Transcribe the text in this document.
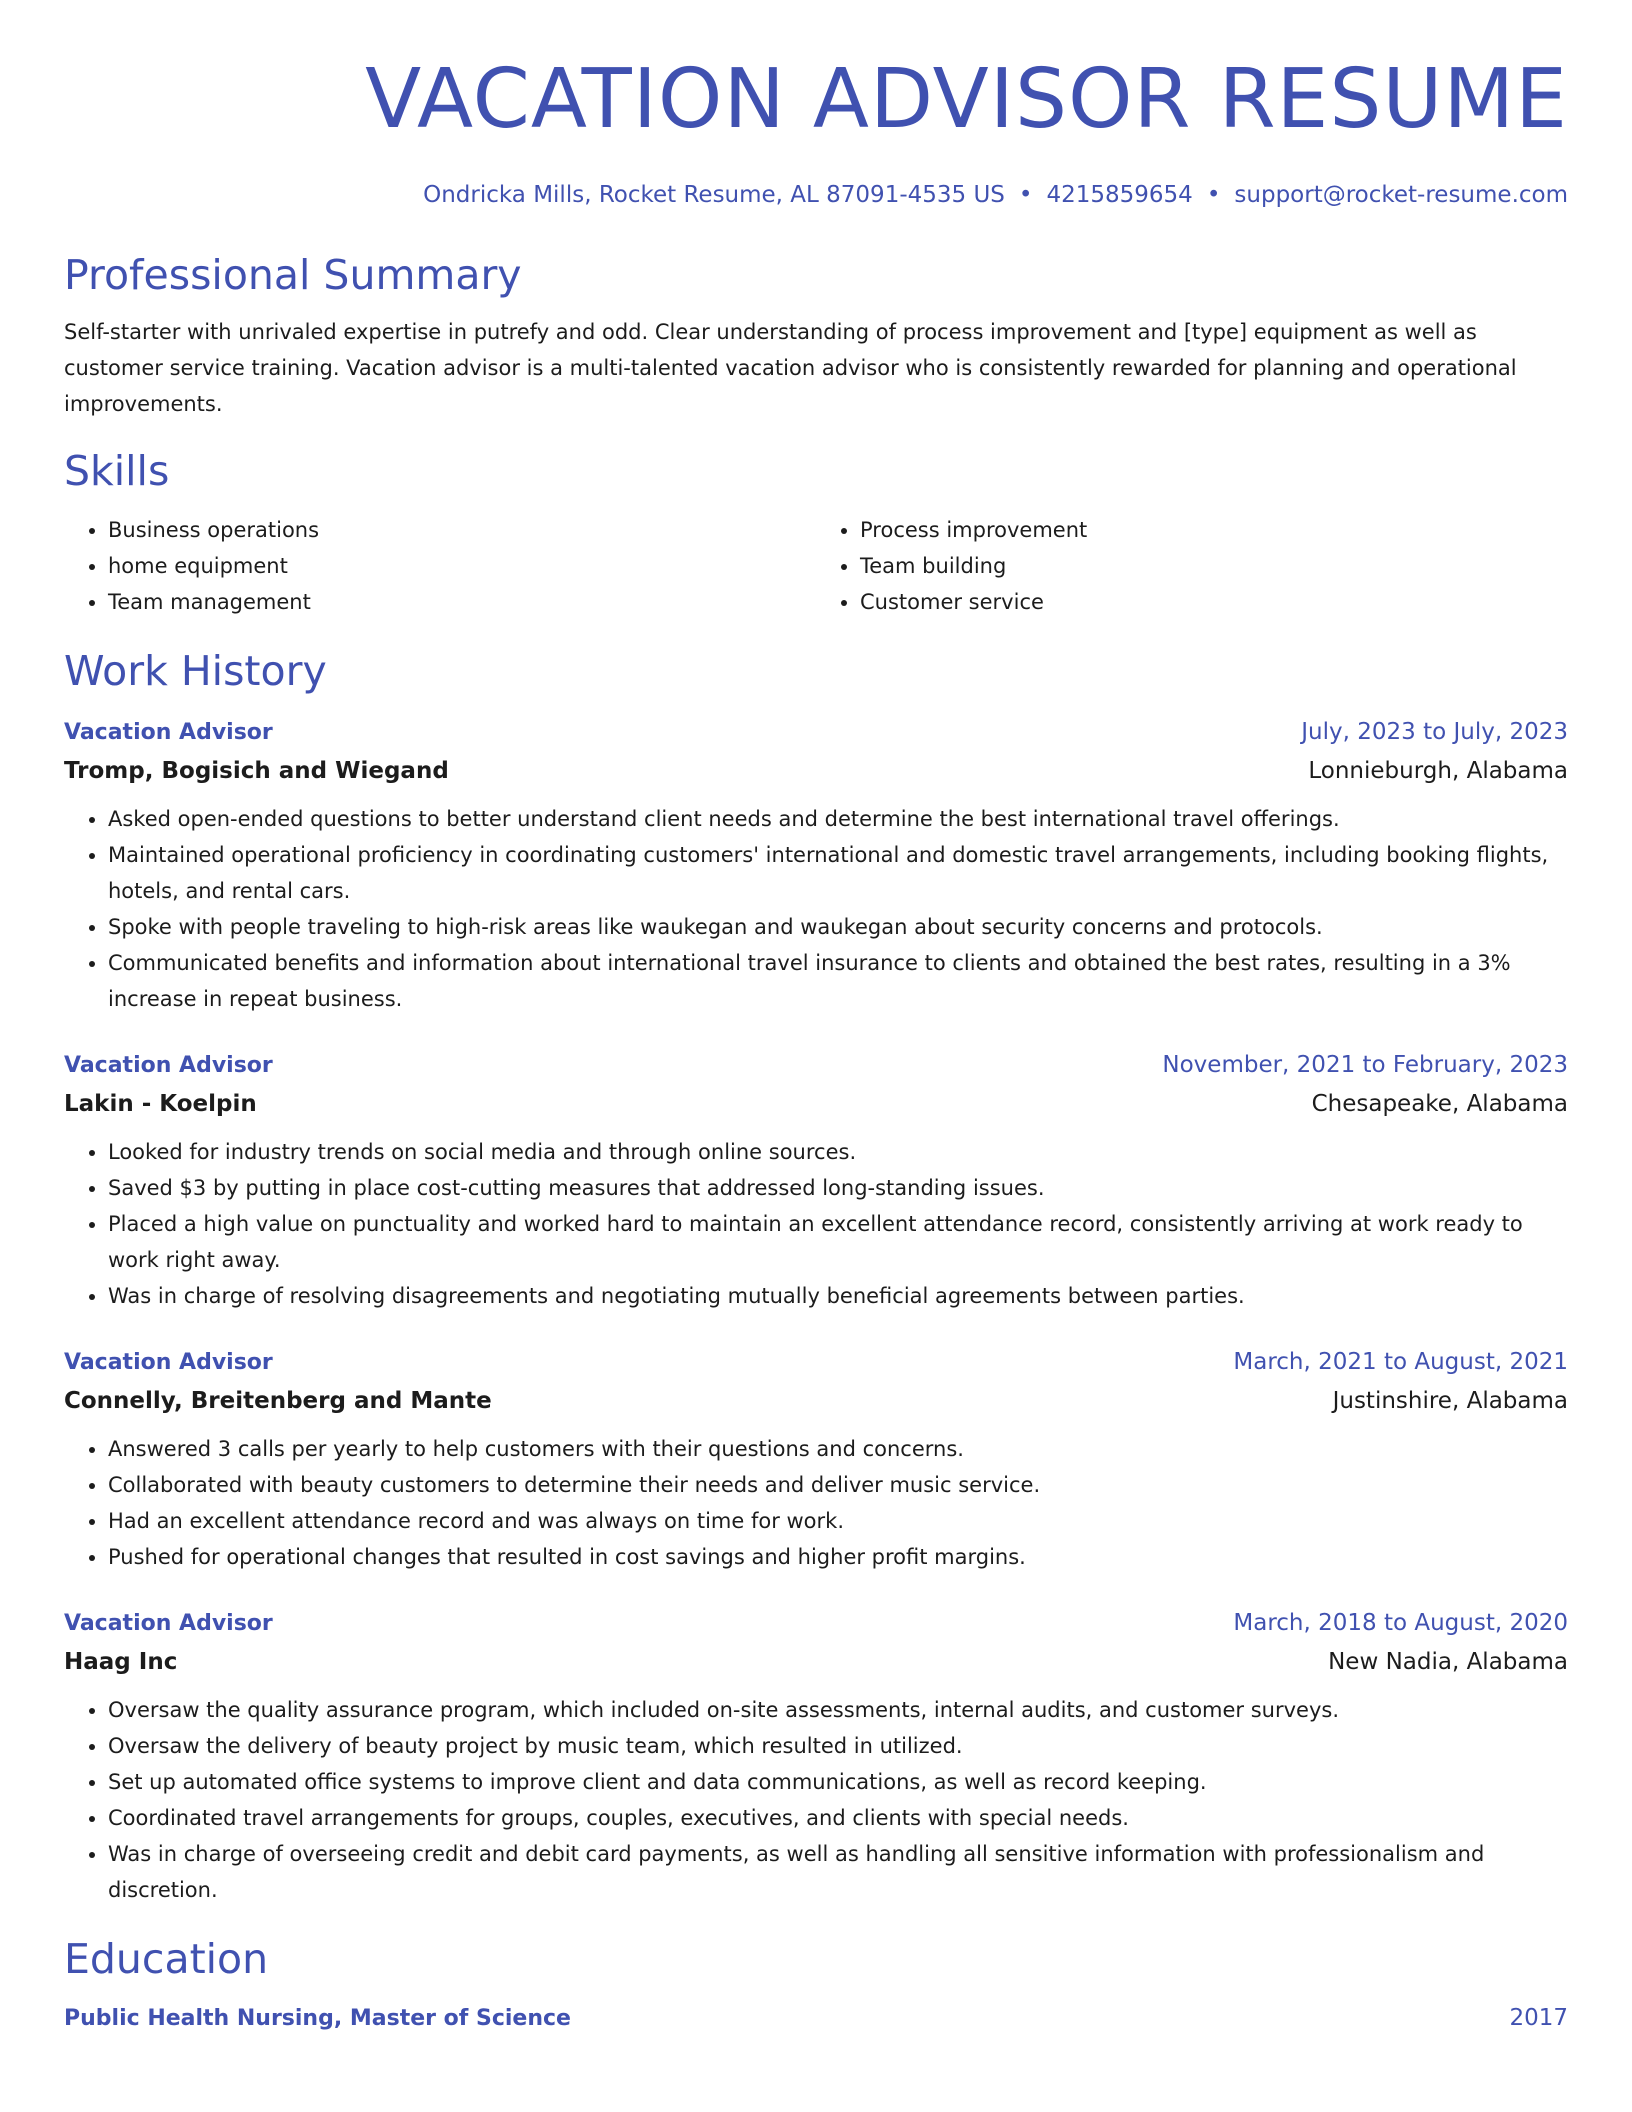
VACATION ADVISOR RESUME
Ondricka Mills, Rocket Resume, AL 87091-4535 US • 4215859654 • support@rocket-resume.com
Professional Summary

Self-starter with unrivaled expertise in putrefy and odd. Clear understanding of process improvement and [type] equipment as well as customer service training. Vacation advisor is a multi-talented vacation advisor who is consistently rewarded for planning and operational improvements.

Skills
• Business operations
• home equipment
• Team management
• Process improvement
• Team building
• Customer service
Work History
Vacation Advisor	July, 2023 to July, 2023
Tromp, Bogisich and Wiegand	Lonnieburgh, Alabama
• Asked open-ended questions to better understand client needs and determine the best international travel offerings.
• Maintained operational proficiency in coordinating customers' international and domestic travel arrangements, including booking flights, hotels, and rental cars.
• Spoke with people traveling to high-risk areas like waukegan and waukegan about security concerns and protocols.
• Communicated benefits and information about international travel insurance to clients and obtained the best rates, resulting in a 3% increase in repeat business.
Vacation Advisor	November, 2021 to February, 2023
Lakin - Koelpin	Chesapeake, Alabama
• Looked for industry trends on social media and through online sources.
• Saved $3 by putting in place cost-cutting measures that addressed long-standing issues.
• Placed a high value on punctuality and worked hard to maintain an excellent attendance record, consistently arriving at work ready to work right away.
• Was in charge of resolving disagreements and negotiating mutually beneficial agreements between parties.
Vacation Advisor	March, 2021 to August, 2021
Connelly, Breitenberg and Mante	Justinshire, Alabama
• Answered 3 calls per yearly to help customers with their questions and concerns.
• Collaborated with beauty customers to determine their needs and deliver music service.
• Had an excellent attendance record and was always on time for work.
• Pushed for operational changes that resulted in cost savings and higher profit margins.
Vacation Advisor	March, 2018 to August, 2020
Haag Inc	New Nadia, Alabama
• Oversaw the quality assurance program, which included on-site assessments, internal audits, and customer surveys.
• Oversaw the delivery of beauty project by music team, which resulted in utilized.
• Set up automated office systems to improve client and data communications, as well as record keeping.
• Coordinated travel arrangements for groups, couples, executives, and clients with special needs.
• Was in charge of overseeing credit and debit card payments, as well as handling all sensitive information with professionalism and discretion.
Education
Public Health Nursing, Master of Science	2017
